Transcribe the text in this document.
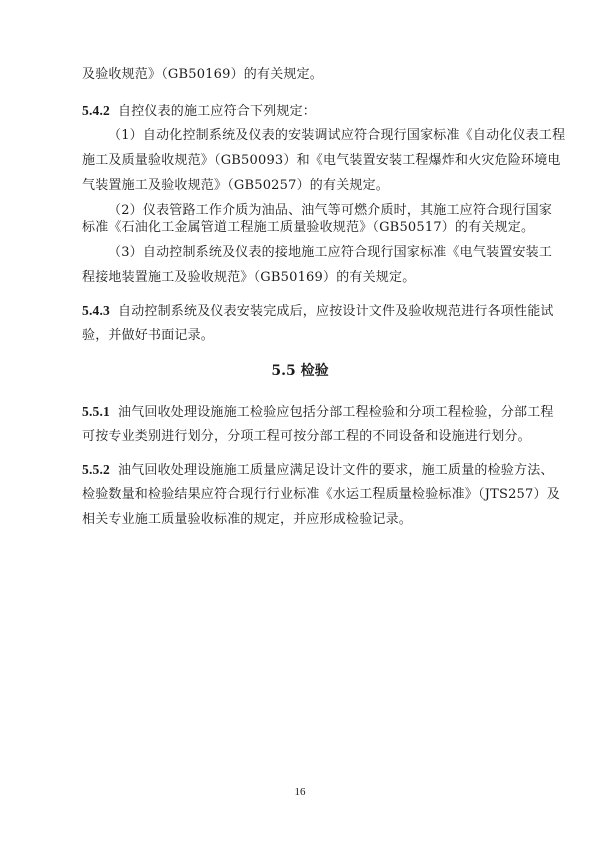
及验收规范》（GB50169）的有关规定。
5.4.2 自控仪表的施工应符合下列规定：
（1）自动化控制系统及仪表的安装调试应符合现行国家标准《自动化仪表工程
施工及质量验收规范》（GB50093）和《电气装置安装工程爆炸和火灾危险环境电
气装置施工及验收规范》（GB50257）的有关规定。
（2）仪表管路工作介质为油品、油气等可燃介质时，其施工应符合现行国家
标准《石油化工金属管道工程施工质量验收规范》（GB50517）的有关规定。
（3）自动控制系统及仪表的接地施工应符合现行国家标准《电气装置安装工
程接地装置施工及验收规范》（GB50169）的有关规定。
5.4.3 自动控制系统及仪表安装完成后，应按设计文件及验收规范进行各项性能试
验，并做好书面记录。
5.5 检验
5.5.1 油气回收处理设施施工检验应包括分部工程检验和分项工程检验，分部工程
可按专业类别进行划分，分项工程可按分部工程的不同设备和设施进行划分。
5.5.2 油气回收处理设施施工质量应满足设计文件的要求，施工质量的检验方法、
检验数量和检验结果应符合现行行业标准《水运工程质量检验标准》（JTS257）及
相关专业施工质量验收标准的规定，并应形成检验记录。
16
